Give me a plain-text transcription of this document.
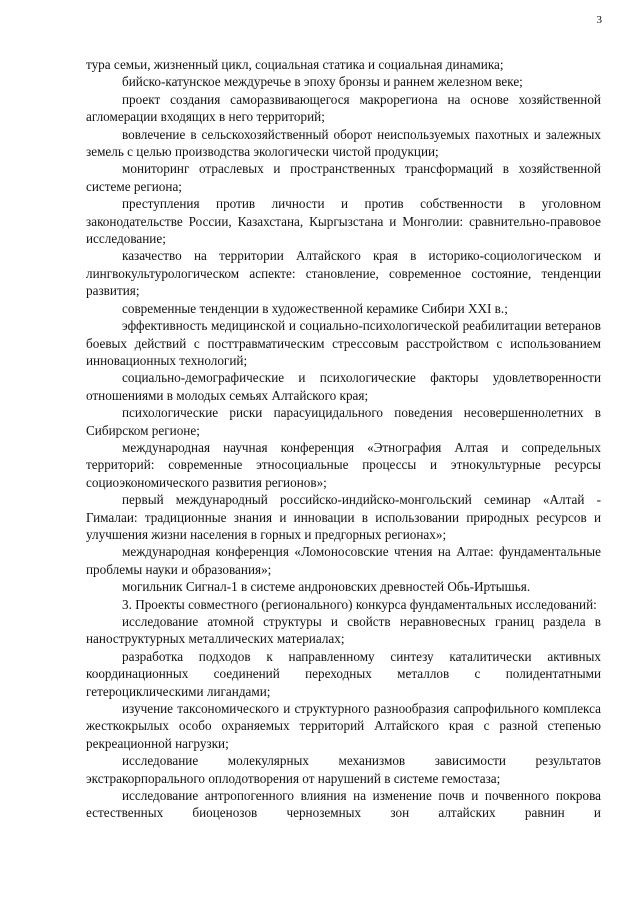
3

тура семьи, жизненный цикл, социальная статика и социальная динамика;

бийско-катунское междуречье в эпоху бронзы и раннем железном веке;

проект создания саморазвивающегося макрорегиона на основе хозяйственной агломерации входящих в него территорий;

вовлечение в сельскохозяйственный оборот неиспользуемых пахотных и залежных земель с целью производства экологически чистой продукции;

мониторинг отраслевых и пространственных трансформаций в хозяйственной системе региона;

преступления против личности и против собственности в уголовном законодательстве России, Казахстана, Кыргызстана и Монголии: сравнительно-правовое исследование;

казачество на территории Алтайского края в историко-социологическом и лингвокультурологическом аспекте: становление, современное состояние, тенденции развития;

современные тенденции в художественной керамике Сибири XXI в.;

эффективность медицинской и социально-психологической реабилитации ветеранов боевых действий с посттравматическим стрессовым расстройством с использованием инновационных технологий;

социально-демографические и психологические факторы удовлетворенности отношениями в молодых семьях Алтайского края;

психологические риски парасуицидального поведения несовершеннолетних в Сибирском регионе;

международная научная конференция «Этнография Алтая и сопредельных территорий: современные этносоциальные процессы и этнокультурные ресурсы социоэкономического развития регионов»;

первый международный российско-индийско-монгольский семинар «Алтай - Гималаи: традиционные знания и инновации в использовании природных ресурсов и улучшения жизни населения в горных и предгорных регионах»;

международная конференция «Ломоносовские чтения на Алтае: фундаментальные проблемы науки и образования»;

могильник Сигнал-1 в системе андроновских древностей Обь-Иртышья.

3. Проекты совместного (регионального) конкурса фундаментальных исследований:

исследование атомной структуры и свойств неравновесных границ раздела в наноструктурных металлических материалах;

разработка подходов к направленному синтезу каталитически активных координационных соединений переходных металлов с полидентатными гетероциклическими лигандами;

изучение таксономического и структурного разнообразия сапрофильного комплекса жесткокрылых особо охраняемых территорий Алтайского края с разной степенью рекреационной нагрузки;

исследование молекулярных механизмов зависимости результатов экстракорпорального оплодотворения от нарушений в системе гемостаза;

исследование антропогенного влияния на изменение почв и почвенного покрова естественных биоценозов черноземных зон алтайских равнин и
